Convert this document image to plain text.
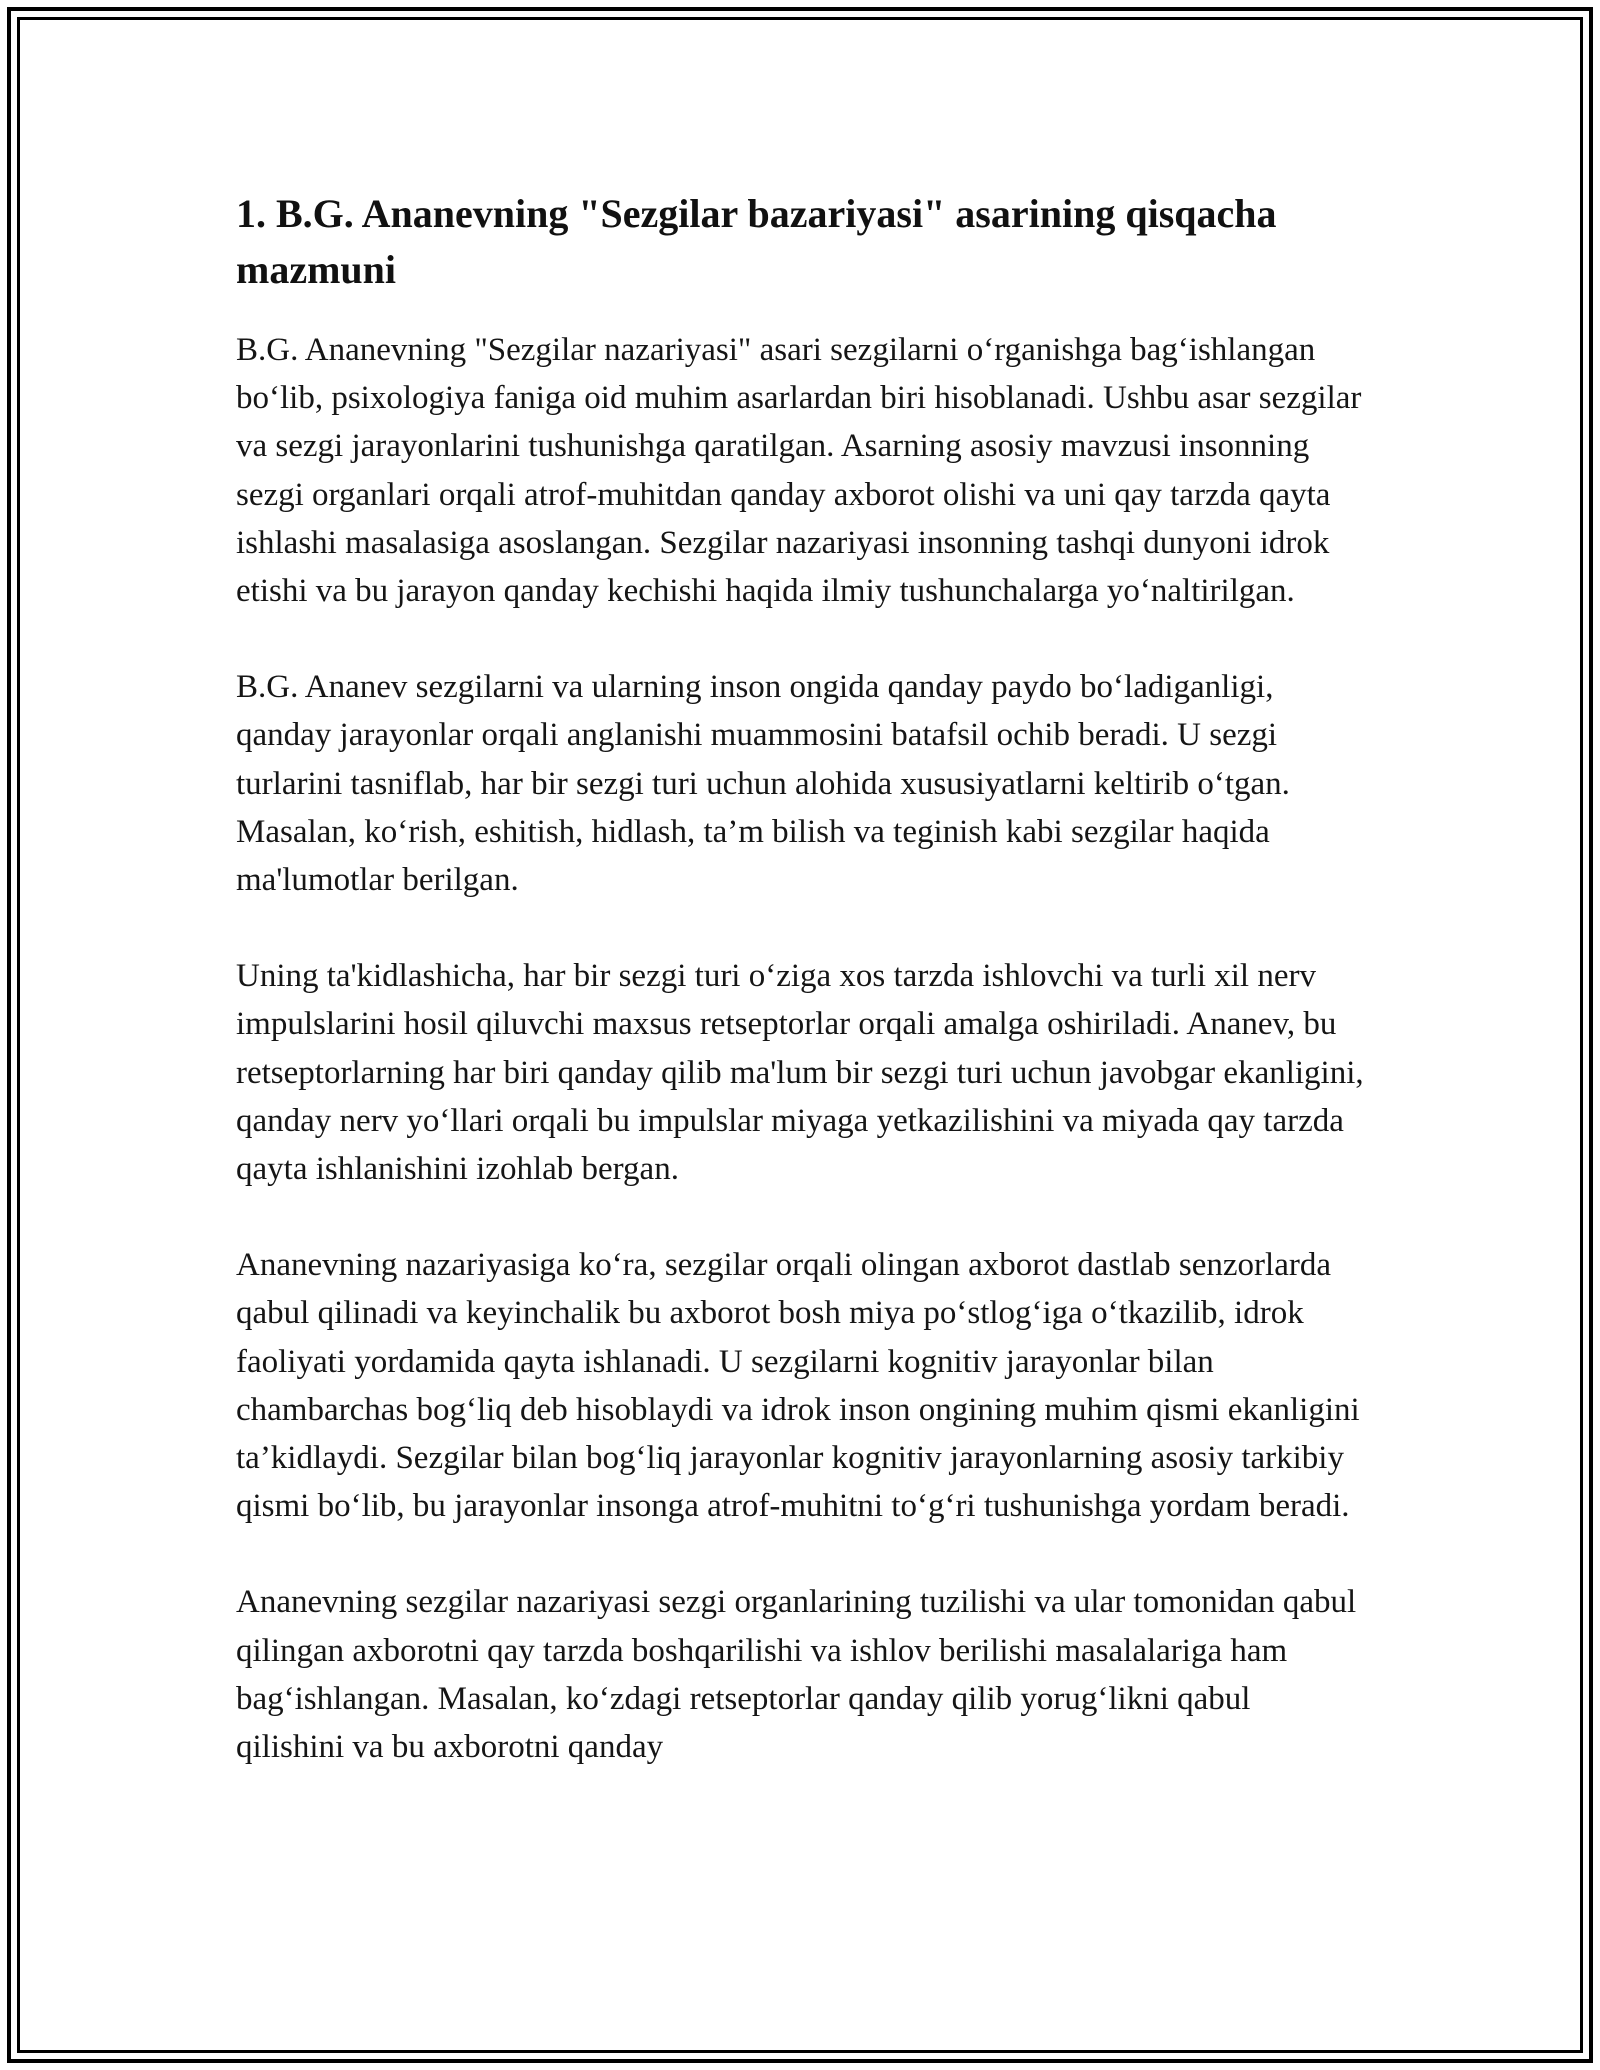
1. B.G. Ananevning "Sezgilar bazariyasi" asarining qisqacha mazmuni

B.G. Ananevning "Sezgilar nazariyasi" asari sezgilarni o‘rganishga bag‘ishlangan bo‘lib, psixologiya faniga oid muhim asarlardan biri hisoblanadi. Ushbu asar sezgilar va sezgi jarayonlarini tushunishga qaratilgan. Asarning asosiy mavzusi insonning sezgi organlari orqali atrof-muhitdan qanday axborot olishi va uni qay tarzda qayta ishlashi masalasiga asoslangan. Sezgilar nazariyasi insonning tashqi dunyoni idrok etishi va bu jarayon qanday kechishi haqida ilmiy tushunchalarga yo‘naltirilgan.

B.G. Ananev sezgilarni va ularning inson ongida qanday paydo bo‘ladiganligi, qanday jarayonlar orqali anglanishi muammosini batafsil ochib beradi. U sezgi turlarini tasniflab, har bir sezgi turi uchun alohida xususiyatlarni keltirib o‘tgan. Masalan, ko‘rish, eshitish, hidlash, ta’m bilish va teginish kabi sezgilar haqida ma'lumotlar berilgan.

Uning ta'kidlashicha, har bir sezgi turi o‘ziga xos tarzda ishlovchi va turli xil nerv impulslarini hosil qiluvchi maxsus retseptorlar orqali amalga oshiriladi. Ananev, bu retseptorlarning har biri qanday qilib ma'lum bir sezgi turi uchun javobgar ekanligini, qanday nerv yo‘llari orqali bu impulslar miyaga yetkazilishini va miyada qay tarzda qayta ishlanishini izohlab bergan.

Ananevning nazariyasiga ko‘ra, sezgilar orqali olingan axborot dastlab senzorlarda qabul qilinadi va keyinchalik bu axborot bosh miya po‘stlog‘iga o‘tkazilib, idrok faoliyati yordamida qayta ishlanadi. U sezgilarni kognitiv jarayonlar bilan chambarchas bog‘liq deb hisoblaydi va idrok inson ongining muhim qismi ekanligini ta’kidlaydi. Sezgilar bilan bog‘liq jarayonlar kognitiv jarayonlarning asosiy tarkibiy qismi bo‘lib, bu jarayonlar insonga atrof-muhitni to‘g‘ri tushunishga yordam beradi.

Ananevning sezgilar nazariyasi sezgi organlarining tuzilishi va ular tomonidan qabul qilingan axborotni qay tarzda boshqarilishi va ishlov berilishi masalalariga ham bag‘ishlangan. Masalan, ko‘zdagi retseptorlar qanday qilib yorug‘likni qabul qilishini va bu axborotni qanday
